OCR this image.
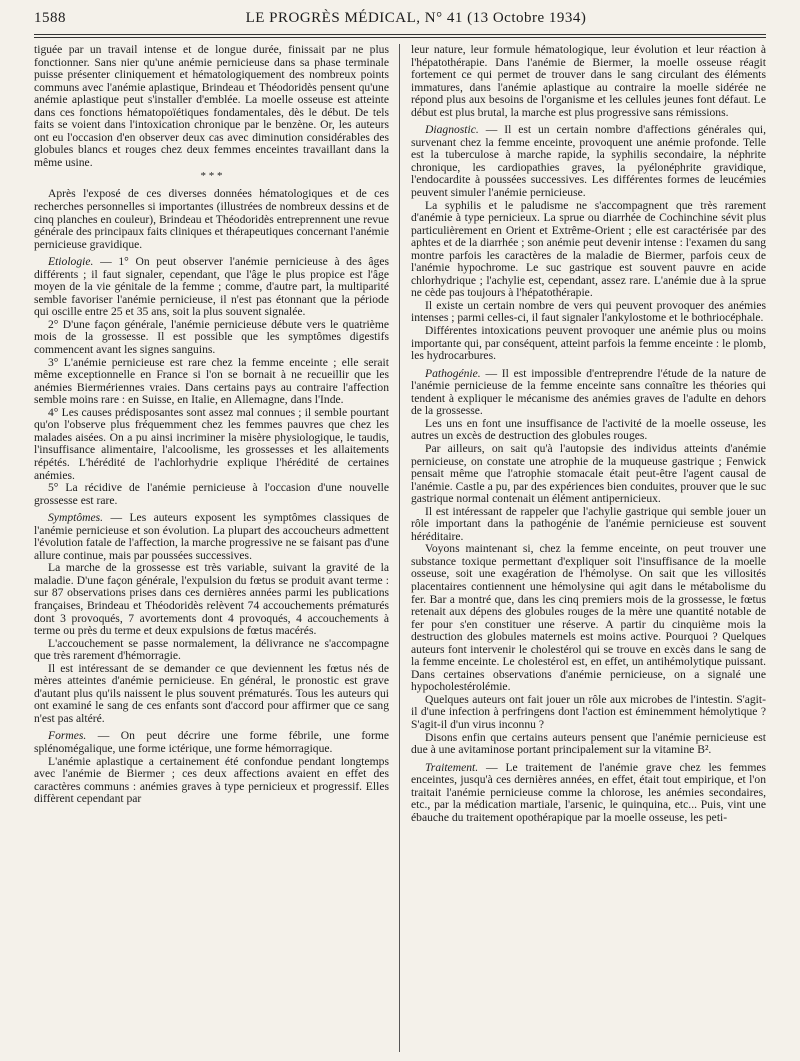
1588	LE PROGRÈS MÉDICAL, N° 41 (13 Octobre 1934)

tiguée par un travail intense et de longue durée, finissait par ne plus fonctionner. Sans nier qu'une anémie pernicieuse dans sa phase terminale puisse présenter cliniquement et hématologiquement des nombreux points communs avec l'anémie aplastique, Brindeau et Théodoridès pensent qu'une anémie aplastique peut s'installer d'emblée. La moelle osseuse est atteinte dans ces fonctions hématopoïétiques fondamentales, dès le début. De tels faits se voient dans l'intoxication chronique par le benzène. Or, les auteurs ont eu l'occasion d'en observer deux cas avec diminution considérables des globules blancs et rouges chez deux femmes enceintes travaillant dans la même usine.

* * *

Après l'exposé de ces diverses données hématologiques et de ces recherches personnelles si importantes (illustrées de nombreux dessins et de cinq planches en couleur), Brindeau et Théodoridès entreprennent une revue générale des principaux faits cliniques et thérapeutiques concernant l'anémie pernicieuse gravidique.

Etiologie. — 1° On peut observer l'anémie pernicieuse à des âges différents ; il faut signaler, cependant, que l'âge le plus propice est l'âge moyen de la vie génitale de la femme ; comme, d'autre part, la multiparité semble favoriser l'anémie pernicieuse, il n'est pas étonnant que la période qui oscille entre 25 et 35 ans, soit la plus souvent signalée.

2° D'une façon générale, l'anémie pernicieuse débute vers le quatrième mois de la grossesse. Il est possible que les symptômes digestifs commencent avant les signes sanguins.

3° L'anémie pernicieuse est rare chez la femme enceinte ; elle serait même exceptionnelle en France si l'on se bornait à ne recueillir que les anémies Biermériennes vraies. Dans certains pays au contraire l'affection semble moins rare : en Suisse, en Italie, en Allemagne, dans l'Inde.

4° Les causes prédisposantes sont assez mal connues ; il semble pourtant qu'on l'observe plus fréquemment chez les femmes pauvres que chez les malades aisées. On a pu ainsi incriminer la misère physiologique, le taudis, l'insuffisance alimentaire, l'alcoolisme, les grossesses et les allaitements répétés. L'hérédité de l'achlorhydrie explique l'hérédité de certaines anémies.

5° La récidive de l'anémie pernicieuse à l'occasion d'une nouvelle grossesse est rare.

Symptômes. — Les auteurs exposent les symptômes classiques de l'anémie pernicieuse et son évolution. La plupart des accoucheurs admettent l'évolution fatale de l'affection, la marche progressive ne se faisant pas d'une allure continue, mais par poussées successives.

La marche de la grossesse est très variable, suivant la gravité de la maladie. D'une façon générale, l'expulsion du fœtus se produit avant terme : sur 87 observations prises dans ces dernières années parmi les publications françaises, Brindeau et Théodoridès relèvent 74 accouchements prématurés dont 3 provoqués, 7 avortements dont 4 provoqués, 4 accouchements à terme ou près du terme et deux expulsions de fœtus macérés.

L'accouchement se passe normalement, la délivrance ne s'accompagne que très rarement d'hémorragie.

Il est intéressant de se demander ce que deviennent les fœtus nés de mères atteintes d'anémie pernicieuse. En général, le pronostic est grave d'autant plus qu'ils naissent le plus souvent prématurés. Tous les auteurs qui ont examiné le sang de ces enfants sont d'accord pour affirmer que ce sang n'est pas altéré.

Formes. — On peut décrire une forme fébrile, une forme splénomégalique, une forme ictérique, une forme hémorragique.

L'anémie aplastique a certainement été confondue pendant longtemps avec l'anémie de Biermer ; ces deux affections avaient en effet des caractères communs : anémies graves à type pernicieux et progressif. Elles diffèrent cependant par

leur nature, leur formule hématologique, leur évolution et leur réaction à l'hépatothérapie. Dans l'anémie de Biermer, la moelle osseuse réagit fortement ce qui permet de trouver dans le sang circulant des éléments immatures, dans l'anémie aplastique au contraire la moelle sidérée ne répond plus aux besoins de l'organisme et les cellules jeunes font défaut. Le début est plus brutal, la marche est plus progressive sans rémissions.

Diagnostic. — Il est un certain nombre d'affections générales qui, survenant chez la femme enceinte, provoquent une anémie profonde. Telle est la tuberculose à marche rapide, la syphilis secondaire, la néphrite chronique, les cardiopathies graves, la pyélonéphrite gravidique, l'endocardite à poussées successives. Les différentes formes de leucémies peuvent simuler l'anémie pernicieuse.

La syphilis et le paludisme ne s'accompagnent que très rarement d'anémie à type pernicieux. La sprue ou diarrhée de Cochinchine sévit plus particulièrement en Orient et Extrême-Orient ; elle est caractérisée par des aphtes et de la diarrhée ; son anémie peut devenir intense : l'examen du sang montre parfois les caractères de la maladie de Biermer, parfois ceux de l'anémie hypochrome. Le suc gastrique est souvent pauvre en acide chlorhydrique ; l'achylie est, cependant, assez rare. L'anémie due à la sprue ne cède pas toujours à l'hépatothérapie.

Il existe un certain nombre de vers qui peuvent provoquer des anémies intenses ; parmi celles-ci, il faut signaler l'ankylostome et le bothriocéphale.

Différentes intoxications peuvent provoquer une anémie plus ou moins importante qui, par conséquent, atteint parfois la femme enceinte : le plomb, les hydrocarbures.

Pathogénie. — Il est impossible d'entreprendre l'étude de la nature de l'anémie pernicieuse de la femme enceinte sans connaître les théories qui tendent à expliquer le mécanisme des anémies graves de l'adulte en dehors de la grossesse.

Les uns en font une insuffisance de l'activité de la moelle osseuse, les autres un excès de destruction des globules rouges.

Par ailleurs, on sait qu'à l'autopsie des individus atteints d'anémie pernicieuse, on constate une atrophie de la muqueuse gastrique ; Fenwick pensait même que l'atrophie stomacale était peut-être l'agent causal de l'anémie. Castle a pu, par des expériences bien conduites, prouver que le suc gastrique normal contenait un élément antipernicieux.

Il est intéressant de rappeler que l'achylie gastrique qui semble jouer un rôle important dans la pathogénie de l'anémie pernicieuse est souvent héréditaire.

Voyons maintenant si, chez la femme enceinte, on peut trouver une substance toxique permettant d'expliquer soit l'insuffisance de la moelle osseuse, soit une exagération de l'hémolyse. On sait que les villosités placentaires contiennent une hémolysine qui agit dans le métabolisme du fer. Bar a montré que, dans les cinq premiers mois de la grossesse, le fœtus retenait aux dépens des globules rouges de la mère une quantité notable de fer pour s'en constituer une réserve. A partir du cinquième mois la destruction des globules maternels est moins active. Pourquoi ? Quelques auteurs font intervenir le cholestérol qui se trouve en excès dans le sang de la femme enceinte. Le cholestérol est, en effet, un antihémolytique puissant. Dans certaines observations d'anémie pernicieuse, on a signalé une hypocholestérolémie.

Quelques auteurs ont fait jouer un rôle aux microbes de l'intestin. S'agit-il d'une infection à perfringens dont l'action est éminemment hémolytique ? S'agit-il d'un virus inconnu ?

Disons enfin que certains auteurs pensent que l'anémie pernicieuse est due à une avitaminose portant principalement sur la vitamine B².

Traitement. — Le traitement de l'anémie grave chez les femmes enceintes, jusqu'à ces dernières années, en effet, était tout empirique, et l'on traitait l'anémie pernicieuse comme la chlorose, les anémies secondaires, etc., par la médication martiale, l'arsenic, le quinquina, etc... Puis, vint une ébauche du traitement opothérapique par la moelle osseuse, les peti-
